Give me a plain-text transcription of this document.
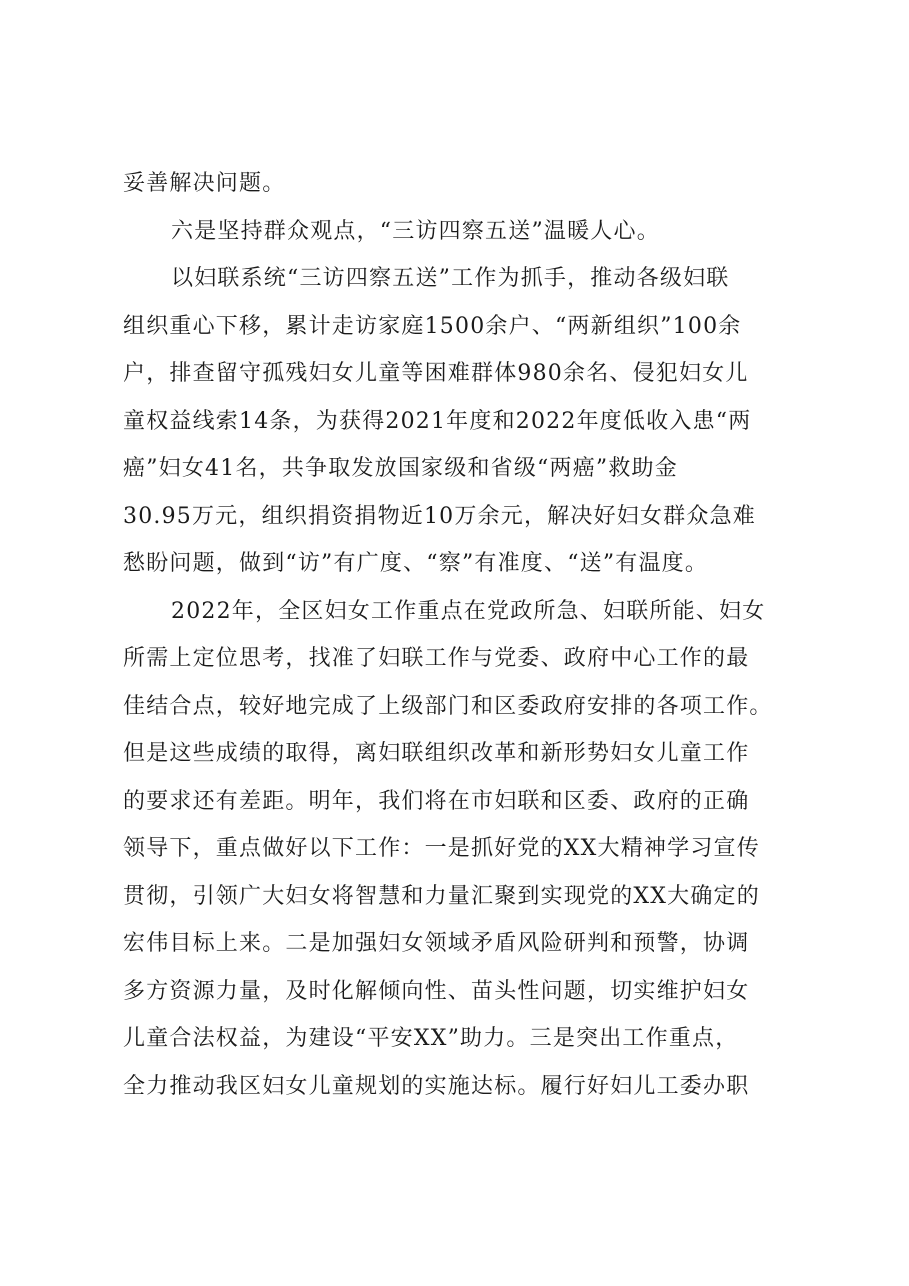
妥善解决问题。
六是坚持群众观点，“三访四察五送”温暖人心。
以妇联系统“三访四察五送”工作为抓手，推动各级妇联
组织重心下移，累计走访家庭1500余户、“两新组织”100余
户，排查留守孤残妇女儿童等困难群体980余名、侵犯妇女儿
童权益线索14条，为获得2021年度和2022年度低收入患“两
癌”妇女41名，共争取发放国家级和省级“两癌”救助金
30.95万元，组织捐资捐物近10万余元，解决好妇女群众急难
愁盼问题，做到“访”有广度、“察”有准度、“送”有温度。
2022年，全区妇女工作重点在党政所急、妇联所能、妇女
所需上定位思考，找准了妇联工作与党委、政府中心工作的最
佳结合点，较好地完成了上级部门和区委政府安排的各项工作。
但是这些成绩的取得，离妇联组织改革和新形势妇女儿童工作
的要求还有差距。明年，我们将在市妇联和区委、政府的正确
领导下，重点做好以下工作：一是抓好党的XX大精神学习宣传
贯彻，引领广大妇女将智慧和力量汇聚到实现党的XX大确定的
宏伟目标上来。二是加强妇女领域矛盾风险研判和预警，协调
多方资源力量，及时化解倾向性、苗头性问题，切实维护妇女
儿童合法权益，为建设“平安XX”助力。三是突出工作重点，
全力推动我区妇女儿童规划的实施达标。履行好妇儿工委办职
